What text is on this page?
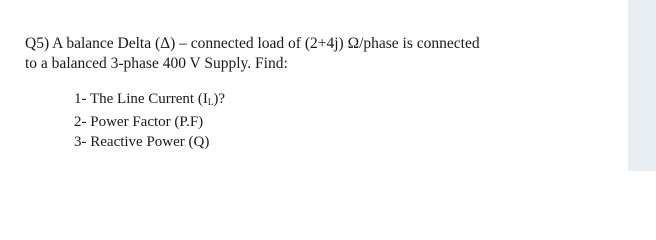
Q5) A balance Delta (Δ) – connected load of (2+4j) Ω/phase is connected
to a balanced 3-phase 400 V Supply. Find:
1- The Line Current $(I_L)$?
2- Power Factor (P.F)
3- Reactive Power (Q)
